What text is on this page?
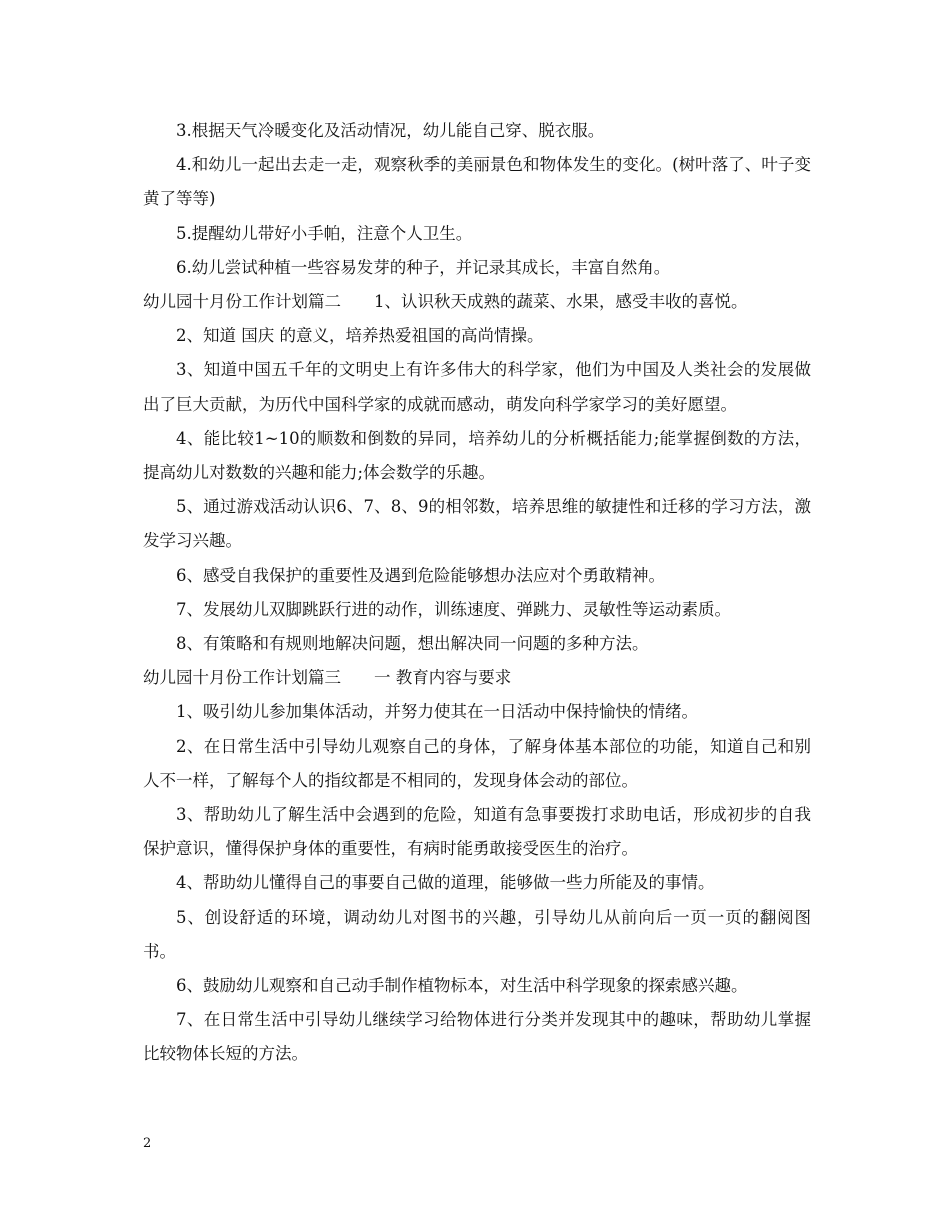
3.根据天气冷暖变化及活动情况，幼儿能自己穿、脱衣服。

4.和幼儿一起出去走一走，观察秋季的美丽景色和物体发生的变化。(树叶落了、叶子变黄了等等)

5.提醒幼儿带好小手帕，注意个人卫生。

6.幼儿尝试种植一些容易发芽的种子，并记录其成长，丰富自然角。

幼儿园十月份工作计划篇二　　1、认识秋天成熟的蔬菜、水果，感受丰收的喜悦。

2、知道 国庆 的意义，培养热爱祖国的高尚情操。

3、知道中国五千年的文明史上有许多伟大的科学家，他们为中国及人类社会的发展做出了巨大贡献，为历代中国科学家的成就而感动，萌发向科学家学习的美好愿望。

4、能比较1~10的顺数和倒数的异同，培养幼儿的分析概括能力;能掌握倒数的方法，提高幼儿对数数的兴趣和能力;体会数学的乐趣。

5、通过游戏活动认识6、7、8、9的相邻数，培养思维的敏捷性和迁移的学习方法，激发学习兴趣。

6、感受自我保护的重要性及遇到危险能够想办法应对个勇敢精神。

7、发展幼儿双脚跳跃行进的动作，训练速度、弹跳力、灵敏性等运动素质。

8、有策略和有规则地解决问题，想出解决同一问题的多种方法。

幼儿园十月份工作计划篇三　　一 教育内容与要求

1、吸引幼儿参加集体活动，并努力使其在一日活动中保持愉快的情绪。

2、在日常生活中引导幼儿观察自己的身体，了解身体基本部位的功能，知道自己和别人不一样，了解每个人的指纹都是不相同的，发现身体会动的部位。

3、帮助幼儿了解生活中会遇到的危险，知道有急事要拨打求助电话，形成初步的自我保护意识，懂得保护身体的重要性，有病时能勇敢接受医生的治疗。

4、帮助幼儿懂得自己的事要自己做的道理，能够做一些力所能及的事情。

5、创设舒适的环境，调动幼儿对图书的兴趣，引导幼儿从前向后一页一页的翻阅图书。

6、鼓励幼儿观察和自己动手制作植物标本，对生活中科学现象的探索感兴趣。

7、在日常生活中引导幼儿继续学习给物体进行分类并发现其中的趣味，帮助幼儿掌握比较物体长短的方法。

2
